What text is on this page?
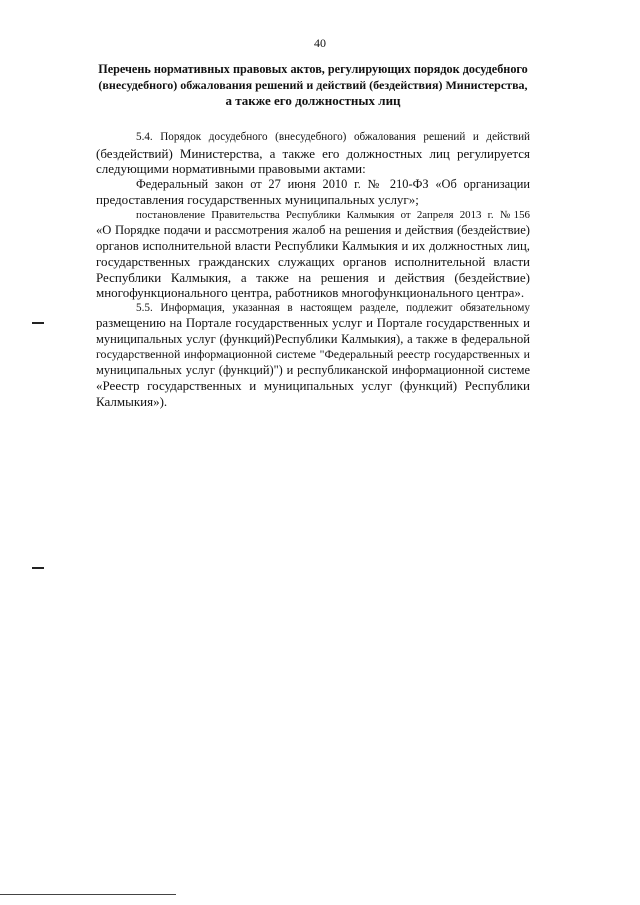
40
Перечень нормативных правовых актов, регулирующих порядок досудебного
(внесудебного) обжалования решений и действий (бездействия) Министерства,
а также его должностных лиц

5.4. Порядок досудебного (внесудебного) обжалования решений и действий
(бездействий) Министерства, а также его должностных лиц регулируется
следующими нормативными правовыми актами:

Федеральный закон от 27 июня 2010 г. № 210-ФЗ «Об организации
предоставления государственных муниципальных услуг»;

постановление Правительства Республики Калмыкия от 2апреля 2013 г. №156
«О Порядке подачи и рассмотрения жалоб на решения и действия (бездействие)
органов исполнительной власти Республики Калмыкия и их должностных лиц,
государственных гражданских служащих органов исполнительной власти
Республики Калмыкия, а также на решения и действия (бездействие)
многофункционального центра, работников многофункционального центра».

5.5. Информация, указанная в настоящем разделе, подлежит обязательному
размещению на Портале государственных услуг и Портале государственных и
муниципальных услуг (функций)Республики Калмыкия), а также в федеральной
государственной информационной системе "Федеральный реестр государственных и
муниципальных услуг (функций)") и республиканской информационной системе
«Реестр государственных и муниципальных услуг (функций) Республики
Калмыкия»).
